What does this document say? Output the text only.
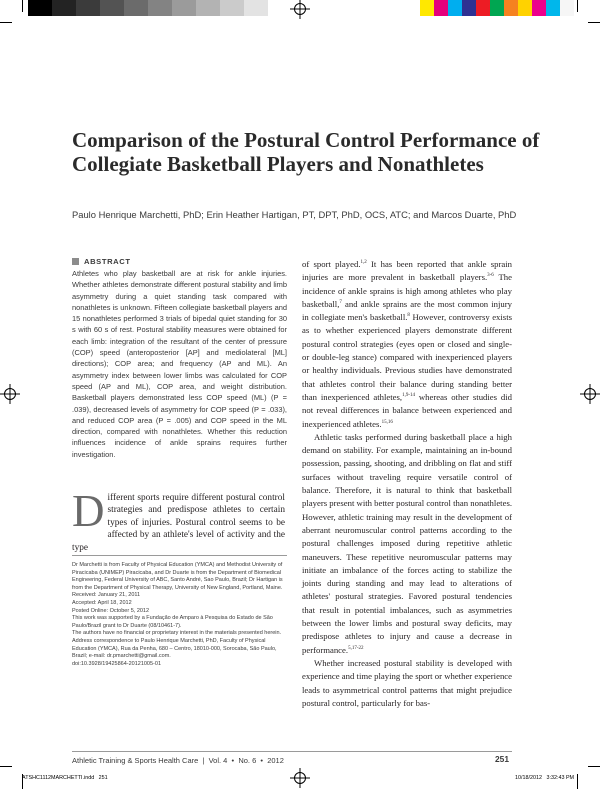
Comparison of the Postural Control Performance of Collegiate Basketball Players and Nonathletes
Paulo Henrique Marchetti, PhD; Erin Heather Hartigan, PT, DPT, PhD, OCS, ATC; and Marcos Duarte, PhD
ABSTRACT
Athletes who play basketball are at risk for ankle injuries. Whether athletes demonstrate different postural stability and limb asymmetry during a quiet standing task compared with nonathletes is unknown. Fifteen collegiate basketball players and 15 nonathletes performed 3 trials of bipedal quiet standing for 30 s with 60 s of rest. Postural stability measures were obtained for each limb: integration of the resultant of the center of pressure (COP) speed (anteroposterior [AP] and mediolateral [ML] directions); COP area; and frequency (AP and ML). An asymmetry index between lower limbs was calculated for COP speed (AP and ML), COP area, and weight distribution. Basketball players demonstrated less COP speed (ML) (P = .039), decreased levels of asymmetry for COP speed (P = .033), and reduced COP area (P = .005) and COP speed in the ML direction, compared with nonathletes. Whether this reduction influences incidence of ankle sprains requires further investigation.
Different sports require different postural control strategies and predispose athletes to certain types of injuries. Postural control seems to be affected by an athlete's level of activity and the type

Dr Marchetti is from Faculty of Physical Education (YMCA) and Methodist University of Piracicaba (UNIMEP) Piracicaba, and Dr Duarte is from the Department of Biomedical Engineering, Federal University of ABC, Santo André, Sao Paulo, Brazil; Dr Hartigan is from the Department of Physical Therapy, University of New England, Portland, Maine.

Received: January 21, 2011

Accepted: April 18, 2012

Posted Online: October 5, 2012

This work was supported by a Fundação de Amparo à Pesquisa do Estado de São Paulo/Brazil grant to Dr Duarte (08/10461-7).

The authors have no financial or proprietary interest in the materials presented herein.

Address correspondence to Paulo Henrique Marchetti, PhD, Faculty of Physical Education (YMCA), Rua da Penha, 680 – Centro, 18010-000, Sorocaba, São Paulo, Brazil; e-mail: dr.pmarchetti@gmail.com.

doi:10.3928/19425864-20121005-01

of sport played.$^{1,2}$ It has been reported that ankle sprain injuries are more prevalent in basketball players.$^{3-6}$ The incidence of ankle sprains is high among athletes who play basketball,$^7$ and ankle sprains are the most common injury in collegiate men's basketball.$^8$ However, controversy exists as to whether experienced players demonstrate different postural control strategies (eyes open or closed and single- or double-leg stance) compared with inexperienced players or healthy individuals. Previous studies have demonstrated that athletes control their balance during standing better than inexperienced athletes,$^{1,9-14}$ whereas other studies did not reveal differences in balance between experienced and inexperienced athletes.$^{15,16}$

Athletic tasks performed during basketball place a high demand on stability. For example, maintaining an in-bound possession, passing, shooting, and dribbling on flat and stiff surfaces without traveling require versatile control of balance. Therefore, it is natural to think that basketball players present with better postural control than nonathletes. However, athletic training may result in the development of aberrant neuromuscular control patterns according to the postural challenges imposed during repetitive athletic maneuvers. These repetitive neuromuscular patterns may initiate an imbalance of the forces acting to stabilize the joints during standing and may lead to alterations of athletes' postural strategies. Favored postural tendencies that result in potential imbalances, such as asymmetries between the lower limbs and postural sway deficits, may predispose athletes to injury and cause a decrease in performance.$^{5,17-22}$

Whether increased postural stability is developed with experience and time playing the sport or whether experience leads to asymmetrical control patterns that might prejudice postural control, particularly for bas-

Athletic Training & Sports Health Care  |  Vol. 4  •  No. 6  •  2012	251
ATSHC1112MARCHETTI.indd   251	10/18/2012   3:32:43 PM
